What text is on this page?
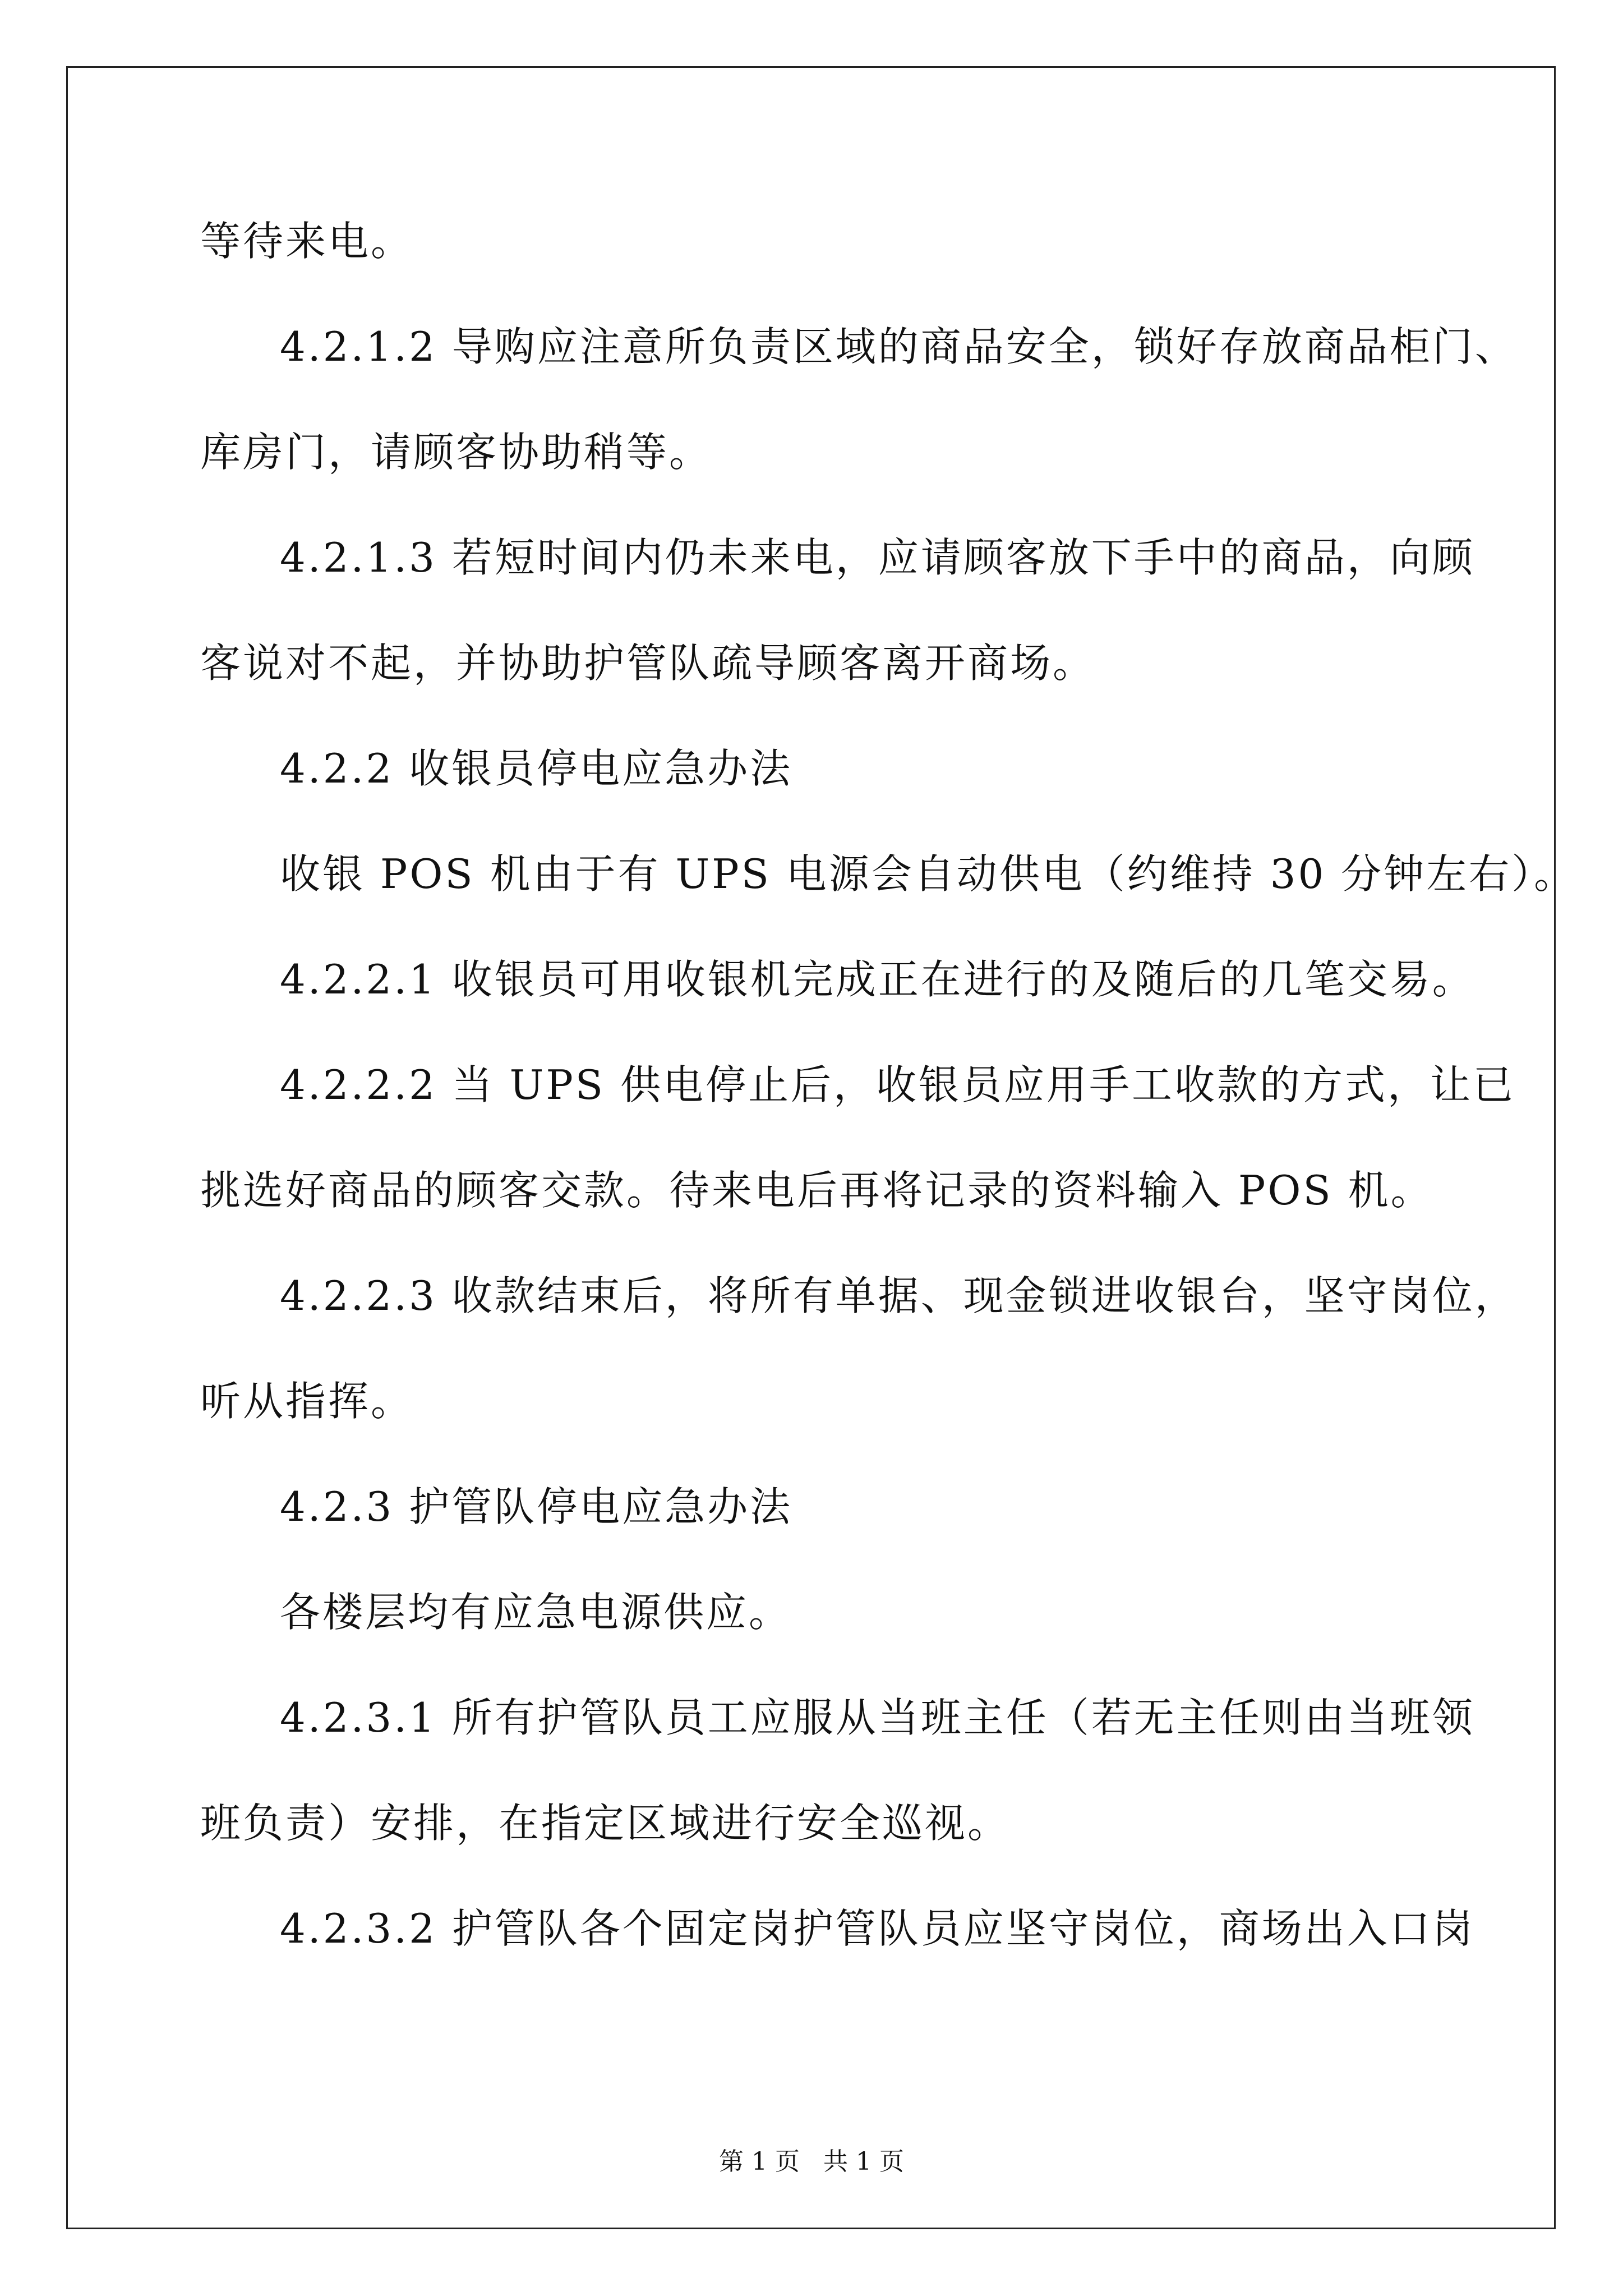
等待来电。
4.2.1.2 导购应注意所负责区域的商品安全，锁好存放商品柜门、
库房门，请顾客协助稍等。
4.2.1.3 若短时间内仍未来电，应请顾客放下手中的商品，向顾
客说对不起，并协助护管队疏导顾客离开商场。
4.2.2 收银员停电应急办法
收银 POS 机由于有 UPS 电源会自动供电（约维持 30 分钟左右）。
4.2.2.1 收银员可用收银机完成正在进行的及随后的几笔交易。
4.2.2.2 当 UPS 供电停止后，收银员应用手工收款的方式，让已
挑选好商品的顾客交款。待来电后再将记录的资料输入 POS 机。
4.2.2.3 收款结束后，将所有单据、现金锁进收银台，坚守岗位，
听从指挥。
4.2.3 护管队停电应急办法
各楼层均有应急电源供应。
4.2.3.1 所有护管队员工应服从当班主任（若无主任则由当班领
班负责）安排，在指定区域进行安全巡视。
4.2.3.2 护管队各个固定岗护管队员应坚守岗位，商场出入口岗
第 1 页   共 1 页
